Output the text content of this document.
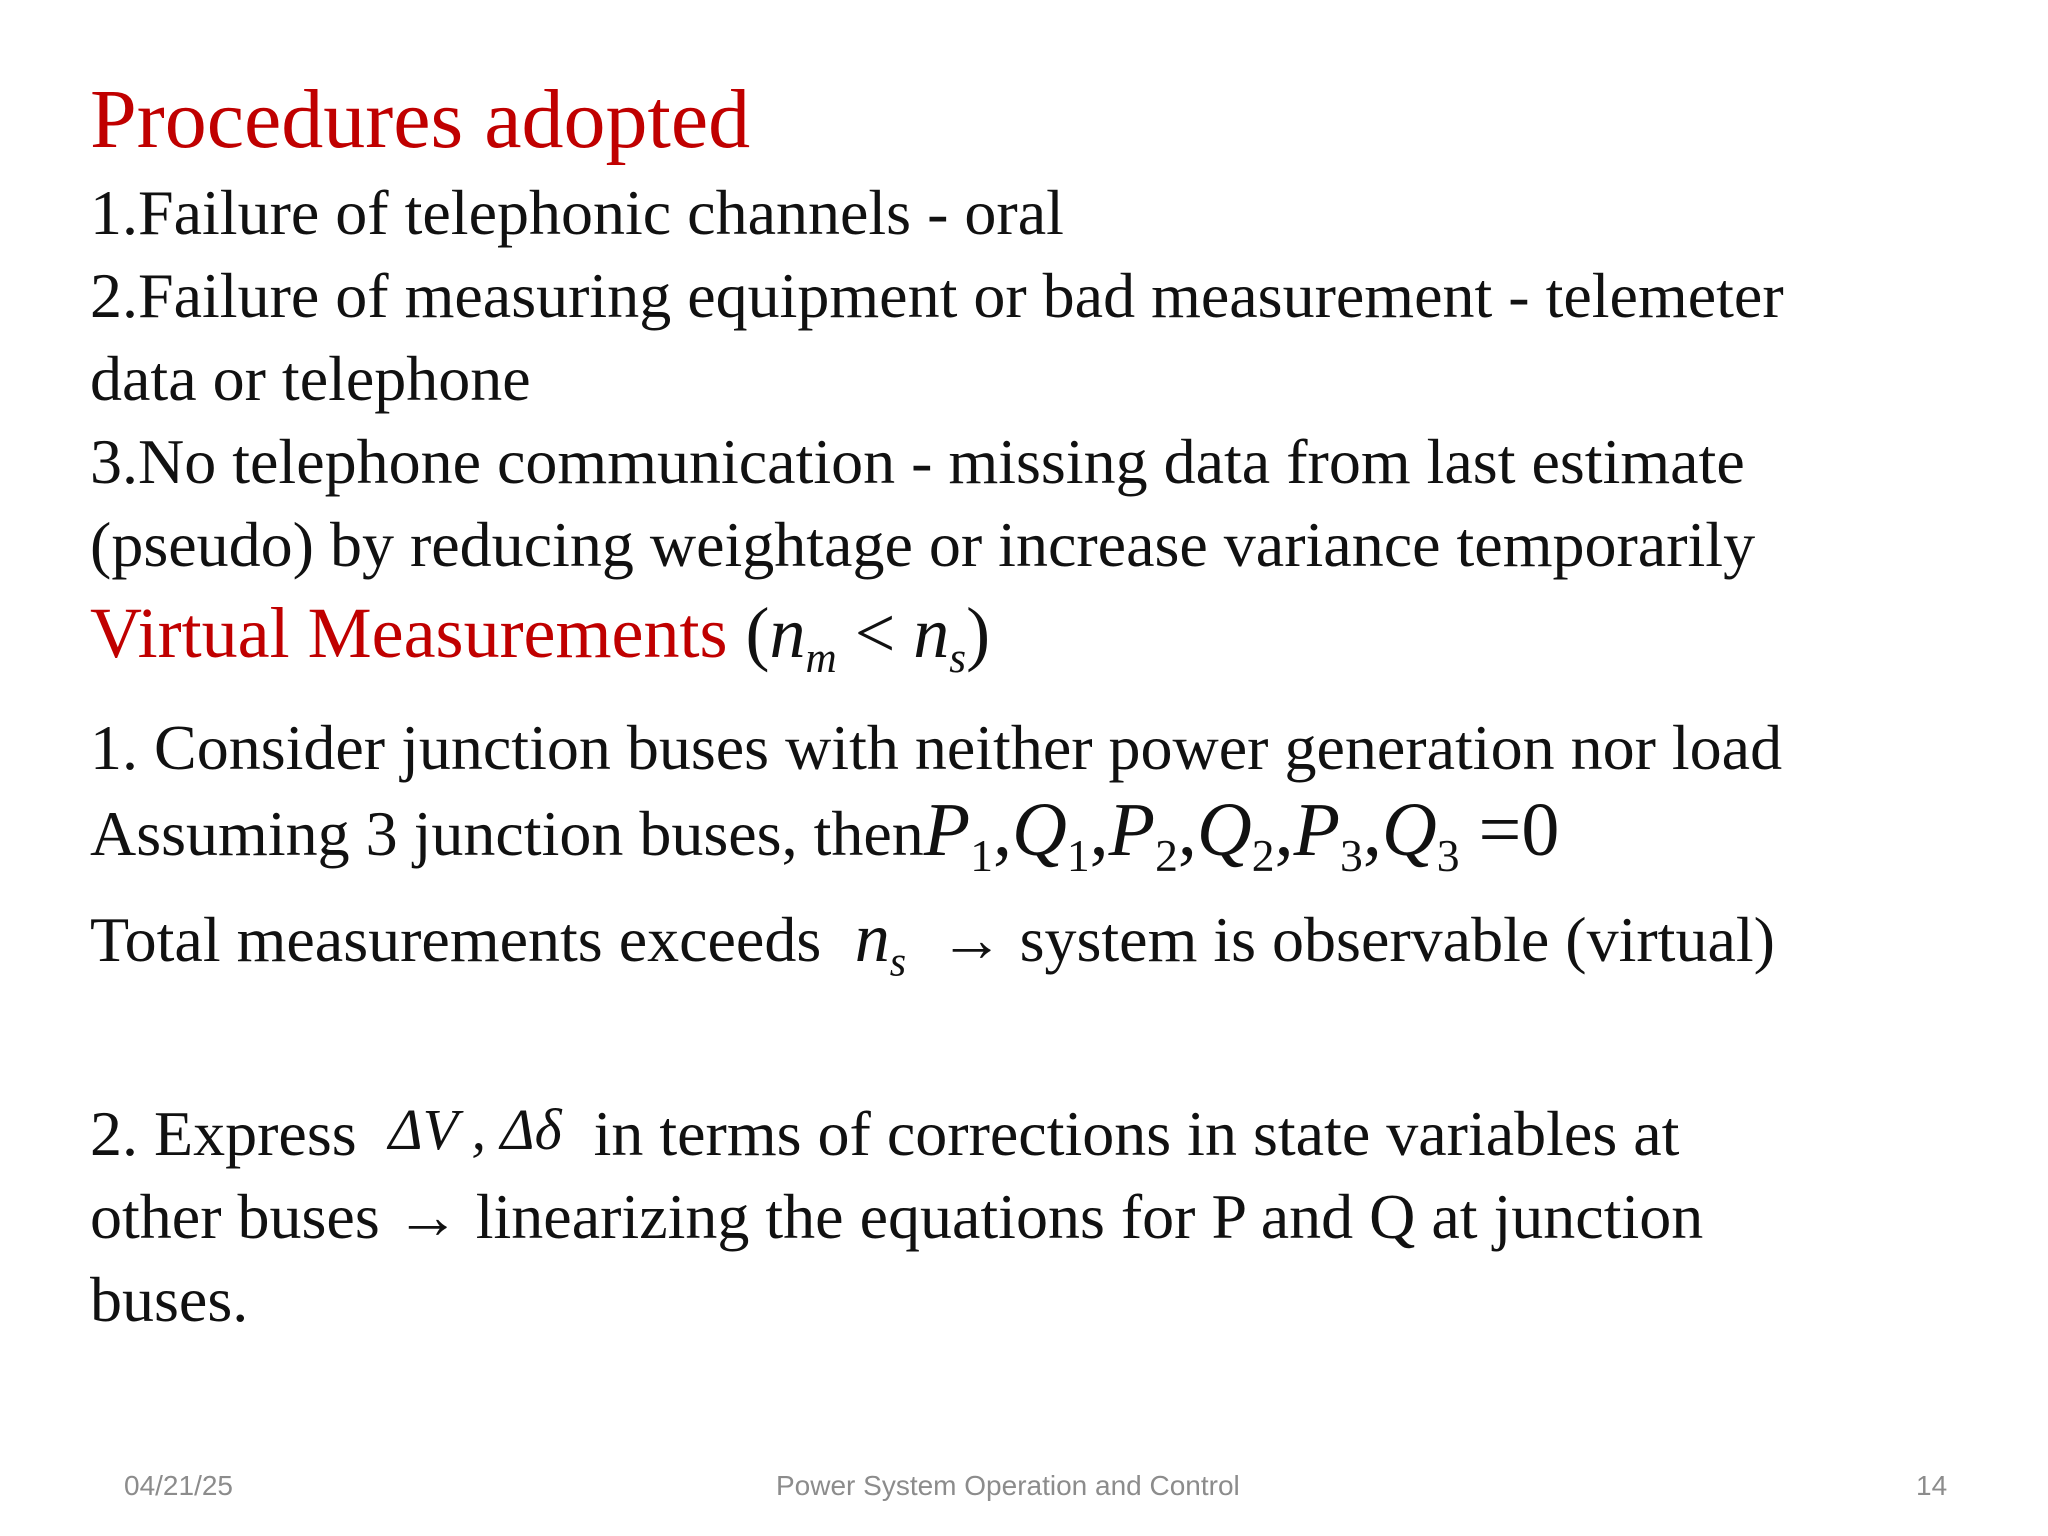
Procedures adopted
1.Failure of telephonic channels - oral
2.Failure of measuring equipment or bad measurement - telemeter
data or telephone
3.No telephone communication - missing data from last estimate
(pseudo) by reducing weightage or increase variance temporarily
Virtual Measurements $(n_m < n_s)$
1. Consider junction buses with neither power generation nor load
Assuming 3 junction buses, $thenP_1,Q_1,P_2,Q_2,P_3,Q_3 =0$
Total measurements exceeds $n_s$ → system is observable (virtual)
2. Express ΔV , Δδ in terms of corrections in state variables at
other buses → linearizing the equations for P and Q at junction
buses.
04/21/25	Power System Operation and Control	14
